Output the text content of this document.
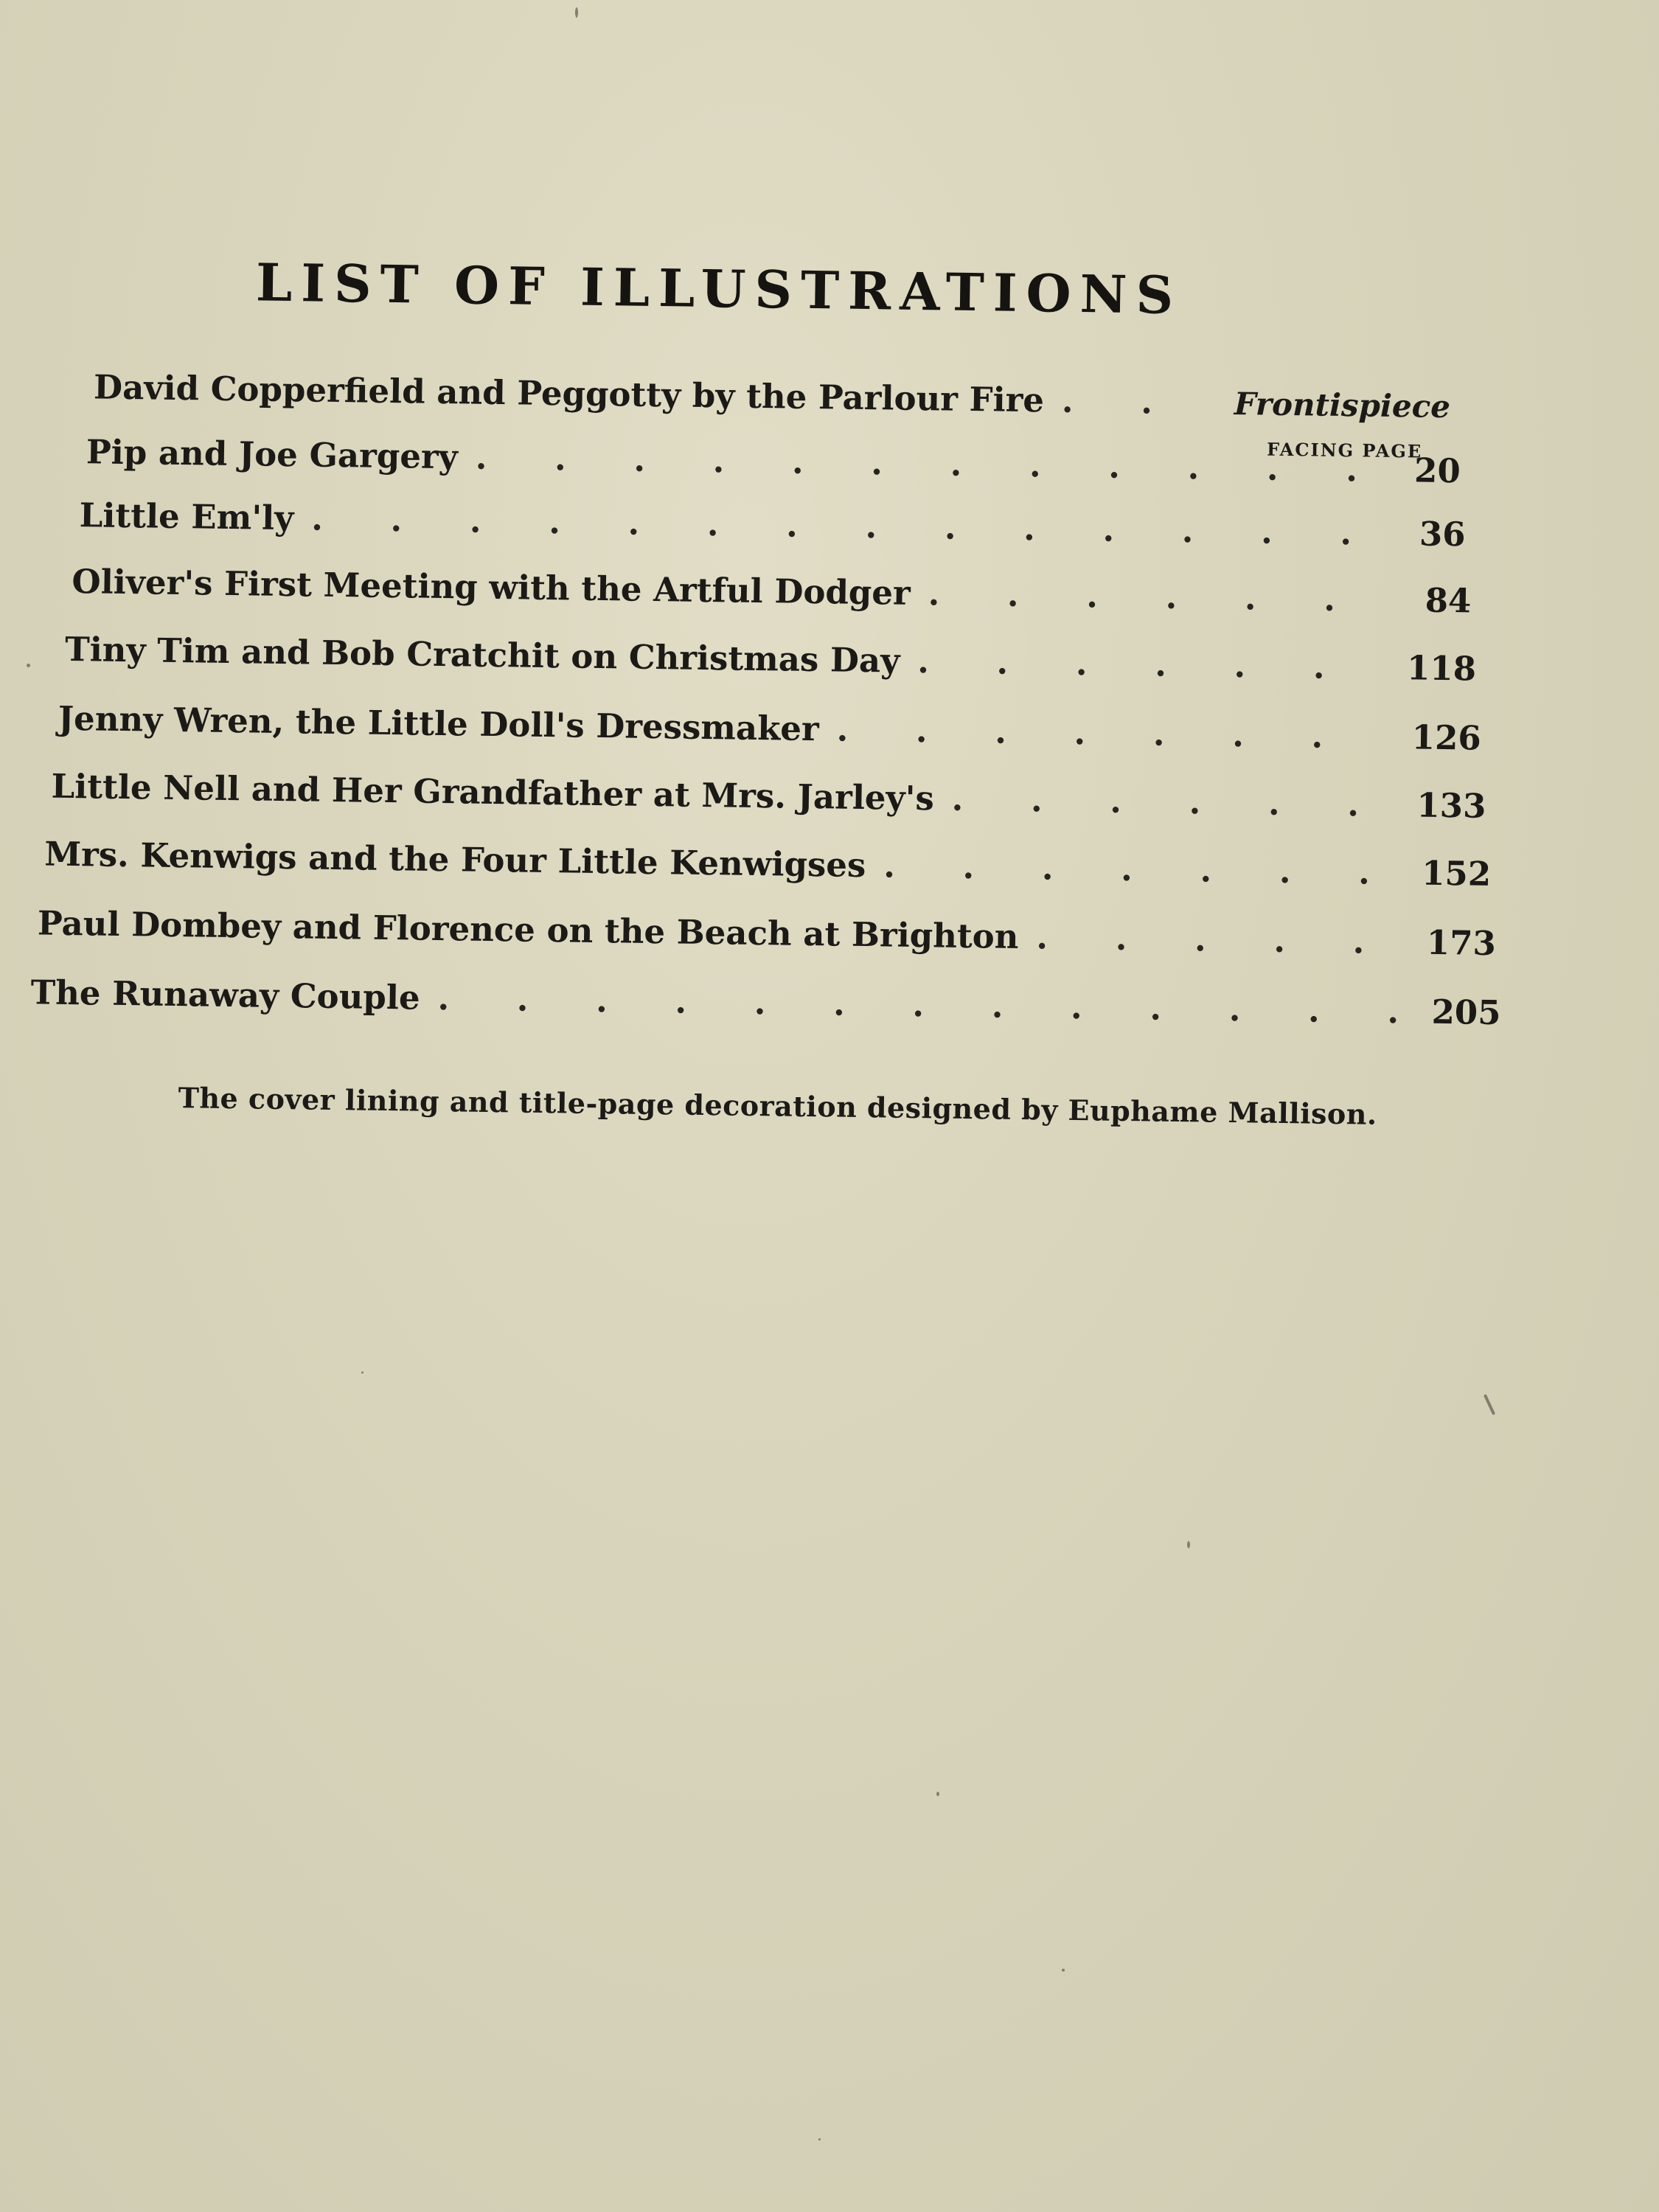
LIST OF ILLUSTRATIONS
David Copperfield and Peggotty by the Parlour Fire . . .	Frontispiece
FACING PAGE
Pip and Joe Gargery . . .	20
Little Em'ly . . .	36
Oliver's First Meeting with the Artful Dodger . . .	84
Tiny Tim and Bob Cratchit on Christmas Day . . .	118
Jenny Wren, the Little Doll's Dressmaker . . .	126
Little Nell and Her Grandfather at Mrs. Jarley's . . .	133
Mrs. Kenwigs and the Four Little Kenwigses . . .	152
Paul Dombey and Florence on the Beach at Brighton . . .	173
The Runaway Couple . . .	205
The cover lining and title-page decoration designed by Euphame Mallison.
